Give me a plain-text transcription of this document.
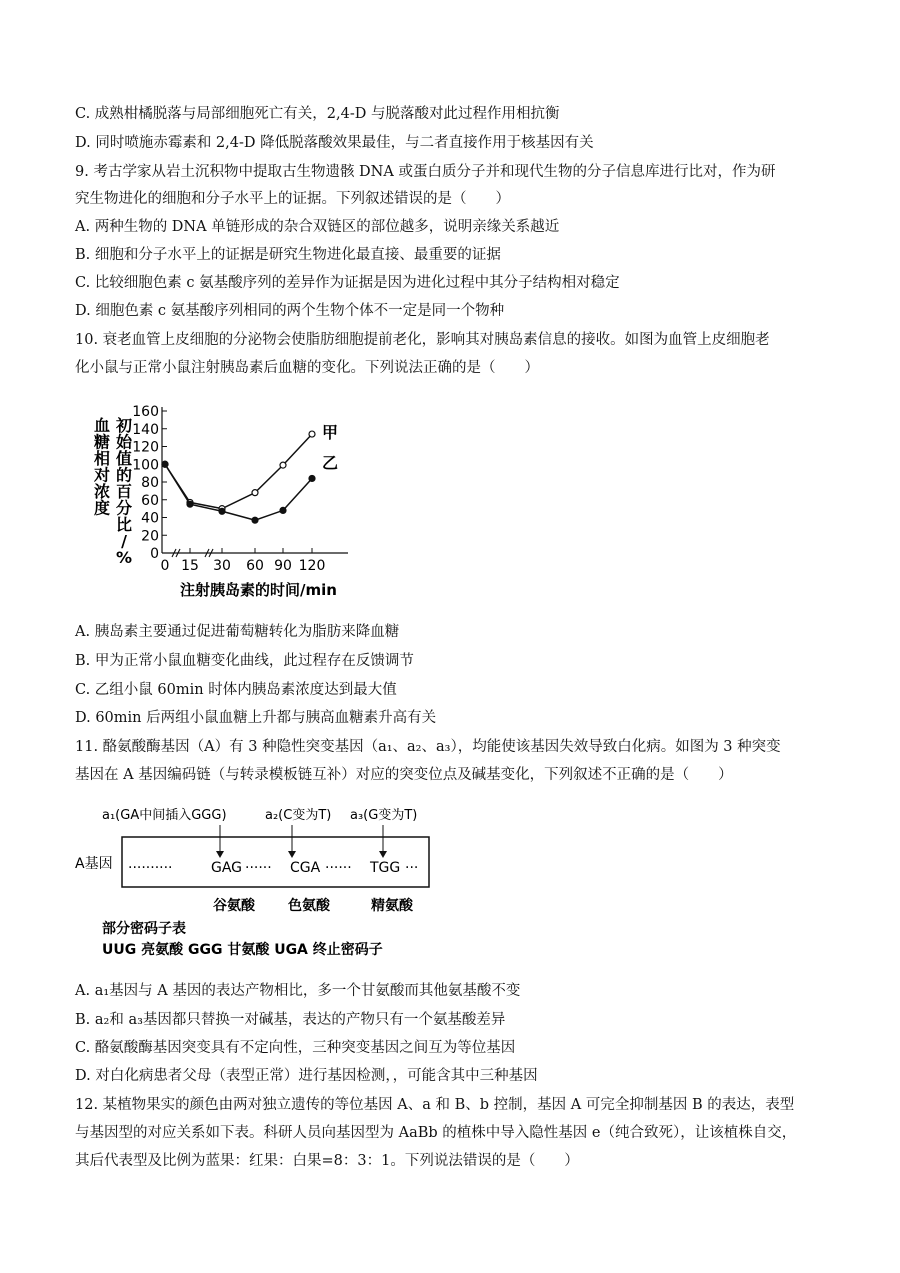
C. 成熟柑橘脱落与局部细胞死亡有关，2,4-D 与脱落酸对此过程作用相抗衡
D. 同时喷施赤霉素和 2,4-D 降低脱落酸效果最佳，与二者直接作用于核基因有关
9. 考古学家从岩土沉积物中提取古生物遗骸 DNA 或蛋白质分子并和现代生物的分子信息库进行比对，作为研
究生物进化的细胞和分子水平上的证据。下列叙述错误的是（　　）
A. 两种生物的 DNA 单链形成的杂合双链区的部位越多，说明亲缘关系越近
B. 细胞和分子水平上的证据是研究生物进化最直接、最重要的证据
C. 比较细胞色素 c 氨基酸序列的差异作为证据是因为进化过程中其分子结构相对稳定
D. 细胞色素 c 氨基酸序列相同的两个生物个体不一定是同一个物种
10. 衰老血管上皮细胞的分泌物会使脂肪细胞提前老化，影响其对胰岛素信息的接收。如图为血管上皮细胞老
化小鼠与正常小鼠注射胰岛素后血糖的变化。下列说法正确的是（　　）
血
糖
相
对
浓
度
初
始
值
的
百
分
比
/
% 0
20
40
60
80
100
120
140
160
0 15 30 60 90 120
甲
乙
注射胰岛素的时间/min
A. 胰岛素主要通过促进葡萄糖转化为脂肪来降血糖
B. 甲为正常小鼠血糖变化曲线，此过程存在反馈调节
C. 乙组小鼠 60min 时体内胰岛素浓度达到最大值
D. 60min 后两组小鼠血糖上升都与胰高血糖素升高有关
11. 酪氨酸酶基因（A）有 3 种隐性突变基因（a₁、a₂、a₃），均能使该基因失效导致白化病。如图为 3 种突变
基因在 A 基因编码链（与转录模板链互补）对应的突变位点及碱基变化，下列叙述不正确的是（　　）
a₁(GA中间插入GGG)	a₂(C变为T) a₃(G变为T)
A基因 ··········	GAG ······ CGA ······ TGG ···
谷氨酸 色氨酸	精氨酸
部分密码子表
UUG 亮氨酸 GGG 甘氨酸 UGA 终止密码子
A. a₁基因与 A 基因的表达产物相比，多一个甘氨酸而其他氨基酸不变
B. a₂和 a₃基因都只替换一对碱基，表达的产物只有一个氨基酸差异
C. 酪氨酸酶基因突变具有不定向性，三种突变基因之间互为等位基因
D. 对白化病患者父母（表型正常）进行基因检测，，可能含其中三种基因
12. 某植物果实的颜色由两对独立遗传的等位基因 A、a 和 B、b 控制，基因 A 可完全抑制基因 B 的表达，表型
与基因型的对应关系如下表。科研人员向基因型为 AaBb 的植株中导入隐性基因 e（纯合致死），让该植株自交，
其后代表型及比例为蓝果：红果：白果=8：3：1。下列说法错误的是（　　）
